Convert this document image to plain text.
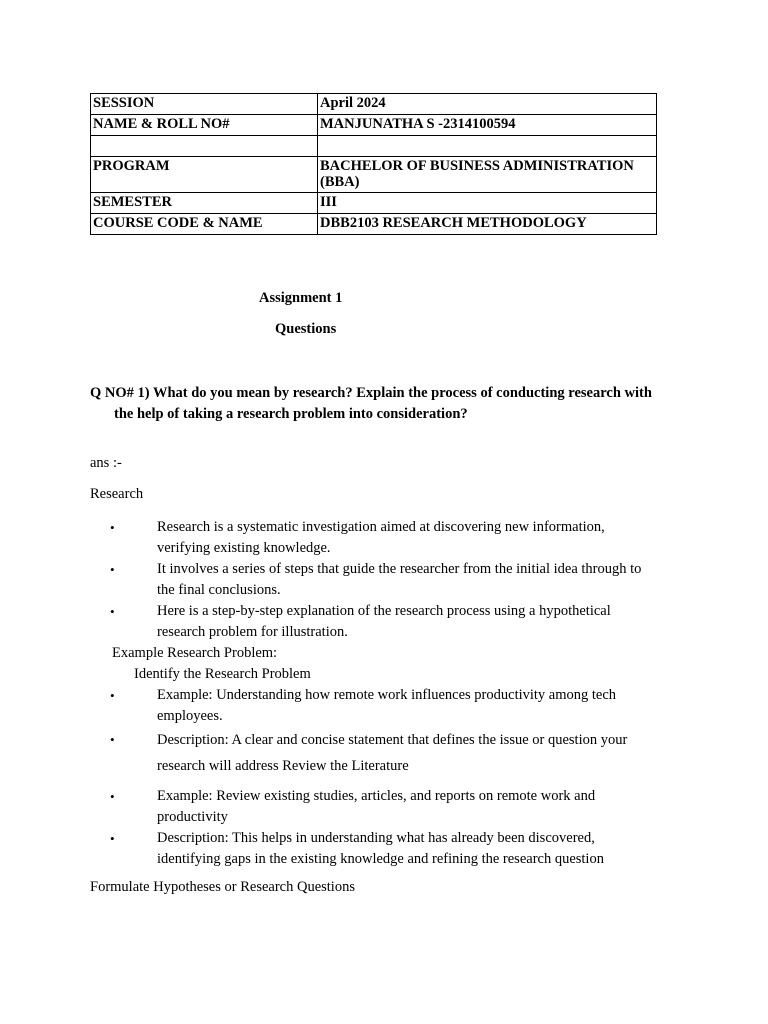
SESSION	April 2024
NAME & ROLL NO#	MANJUNATHA S -2314100594

PROGRAM	BACHELOR OF BUSINESS ADMINISTRATION (BBA)
SEMESTER	III
COURSE CODE & NAME	DBB2103 RESEARCH METHODOLOGY
Assignment 1
Questions
Q NO# 1) What do you mean by research? Explain the process of conducting research with
the help of taking a research problem into consideration?
ans :-
Research
•	Research is a systematic investigation aimed at discovering new information,
verifying existing knowledge.
•	It involves a series of steps that guide the researcher from the initial idea through to
the final conclusions.
•	Here is a step-by-step explanation of the research process using a hypothetical
research problem for illustration.
Example Research Problem:
Identify the Research Problem
•	Example: Understanding how remote work influences productivity among tech
employees.
•	Description: A clear and concise statement that defines the issue or question your
research will address Review the Literature
•	Example: Review existing studies, articles, and reports on remote work and
productivity
•	Description: This helps in understanding what has already been discovered,
identifying gaps in the existing knowledge and refining the research question
Formulate Hypotheses or Research Questions
